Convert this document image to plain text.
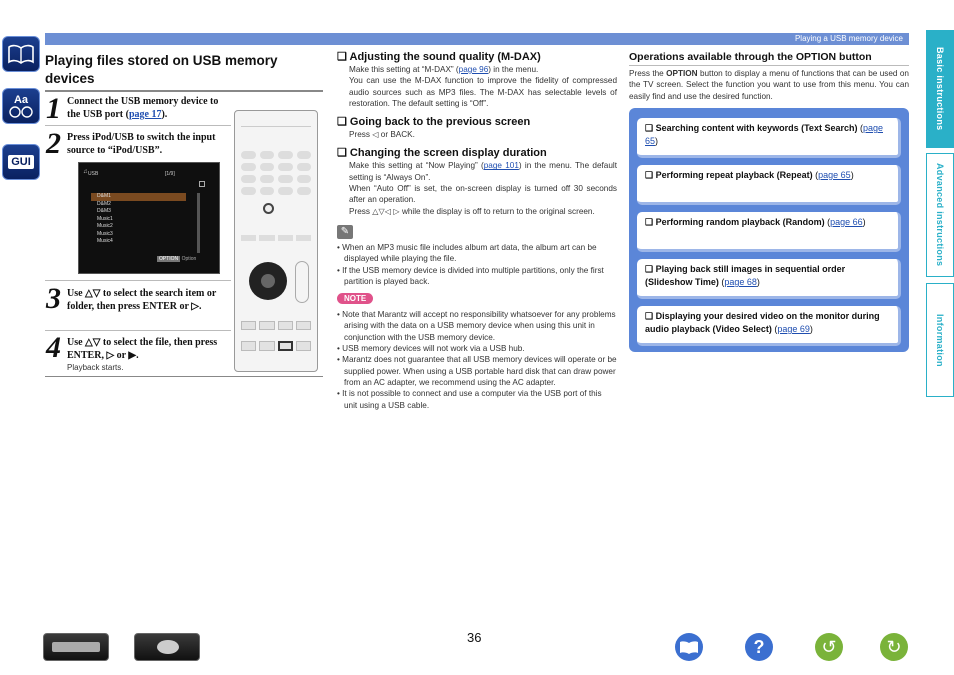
Playing a USB memory device
Aa
GUI
Basic instructions
Advanced instructions
Information
Playing files stored on USB memory devices
1 Connect the USB memory device to the USB port (page 17).
2 Press iPod/USB to switch the input source to “iPod/USB”.
♫ USB	[1/9]
D&M1
D&M2
D&M3
Music1
Music2
Music3
Music4
OPTION Option
3 Use △▽ to select the search item or folder, then press ENTER or ▷.
4 Use △▽ to select the file, then press ENTER, ▷ or ▶.
Playback starts.
❏ Adjusting the sound quality (M-DAX)
Make this setting at “M-DAX” (page 96) in the menu.
You can use the M-DAX function to improve the fidelity of compressed audio sources such as MP3 files. The M-DAX has selectable levels of restoration. The default setting is “Off”.
❏ Going back to the previous screen
Press ◁ or BACK.
❏ Changing the screen display duration
Make this setting at “Now Playing” (page 101) in the menu. The default setting is “Always On”.
When “Auto Off” is set, the on-screen display is turned off 30 seconds after an operation.
Press △▽◁ ▷ while the display is off to return to the original screen.
✎
• When an MP3 music file includes album art data, the album art can be displayed while playing the file.
• If the USB memory device is divided into multiple partitions, only the first partition is played back.
NOTE
• Note that Marantz will accept no responsibility whatsoever for any problems arising with the data on a USB memory device when using this unit in conjunction with the USB memory device.
• USB memory devices will not work via a USB hub.
• Marantz does not guarantee that all USB memory devices will operate or be supplied power. When using a USB portable hard disk that can draw power from an AC adapter, we recommend using the AC adapter.
• It is not possible to connect and use a computer via the USB port of this unit using a USB cable.
Operations available through the OPTION button
Press the OPTION button to display a menu of functions that can be used on the TV screen. Select the function you want to use from this menu. You can easily find and use the desired function.
❏ Searching content with keywords (Text Search) (page 65)
❏ Performing repeat playback (Repeat) (page 65)
❏ Performing random playback (Random) (page 66)
❏ Playing back still images in sequential order (Slideshow Time) (page 68)
❏ Displaying your desired video on the monitor during audio playback (Video Select) (page 69)
36	?	↺	↻
